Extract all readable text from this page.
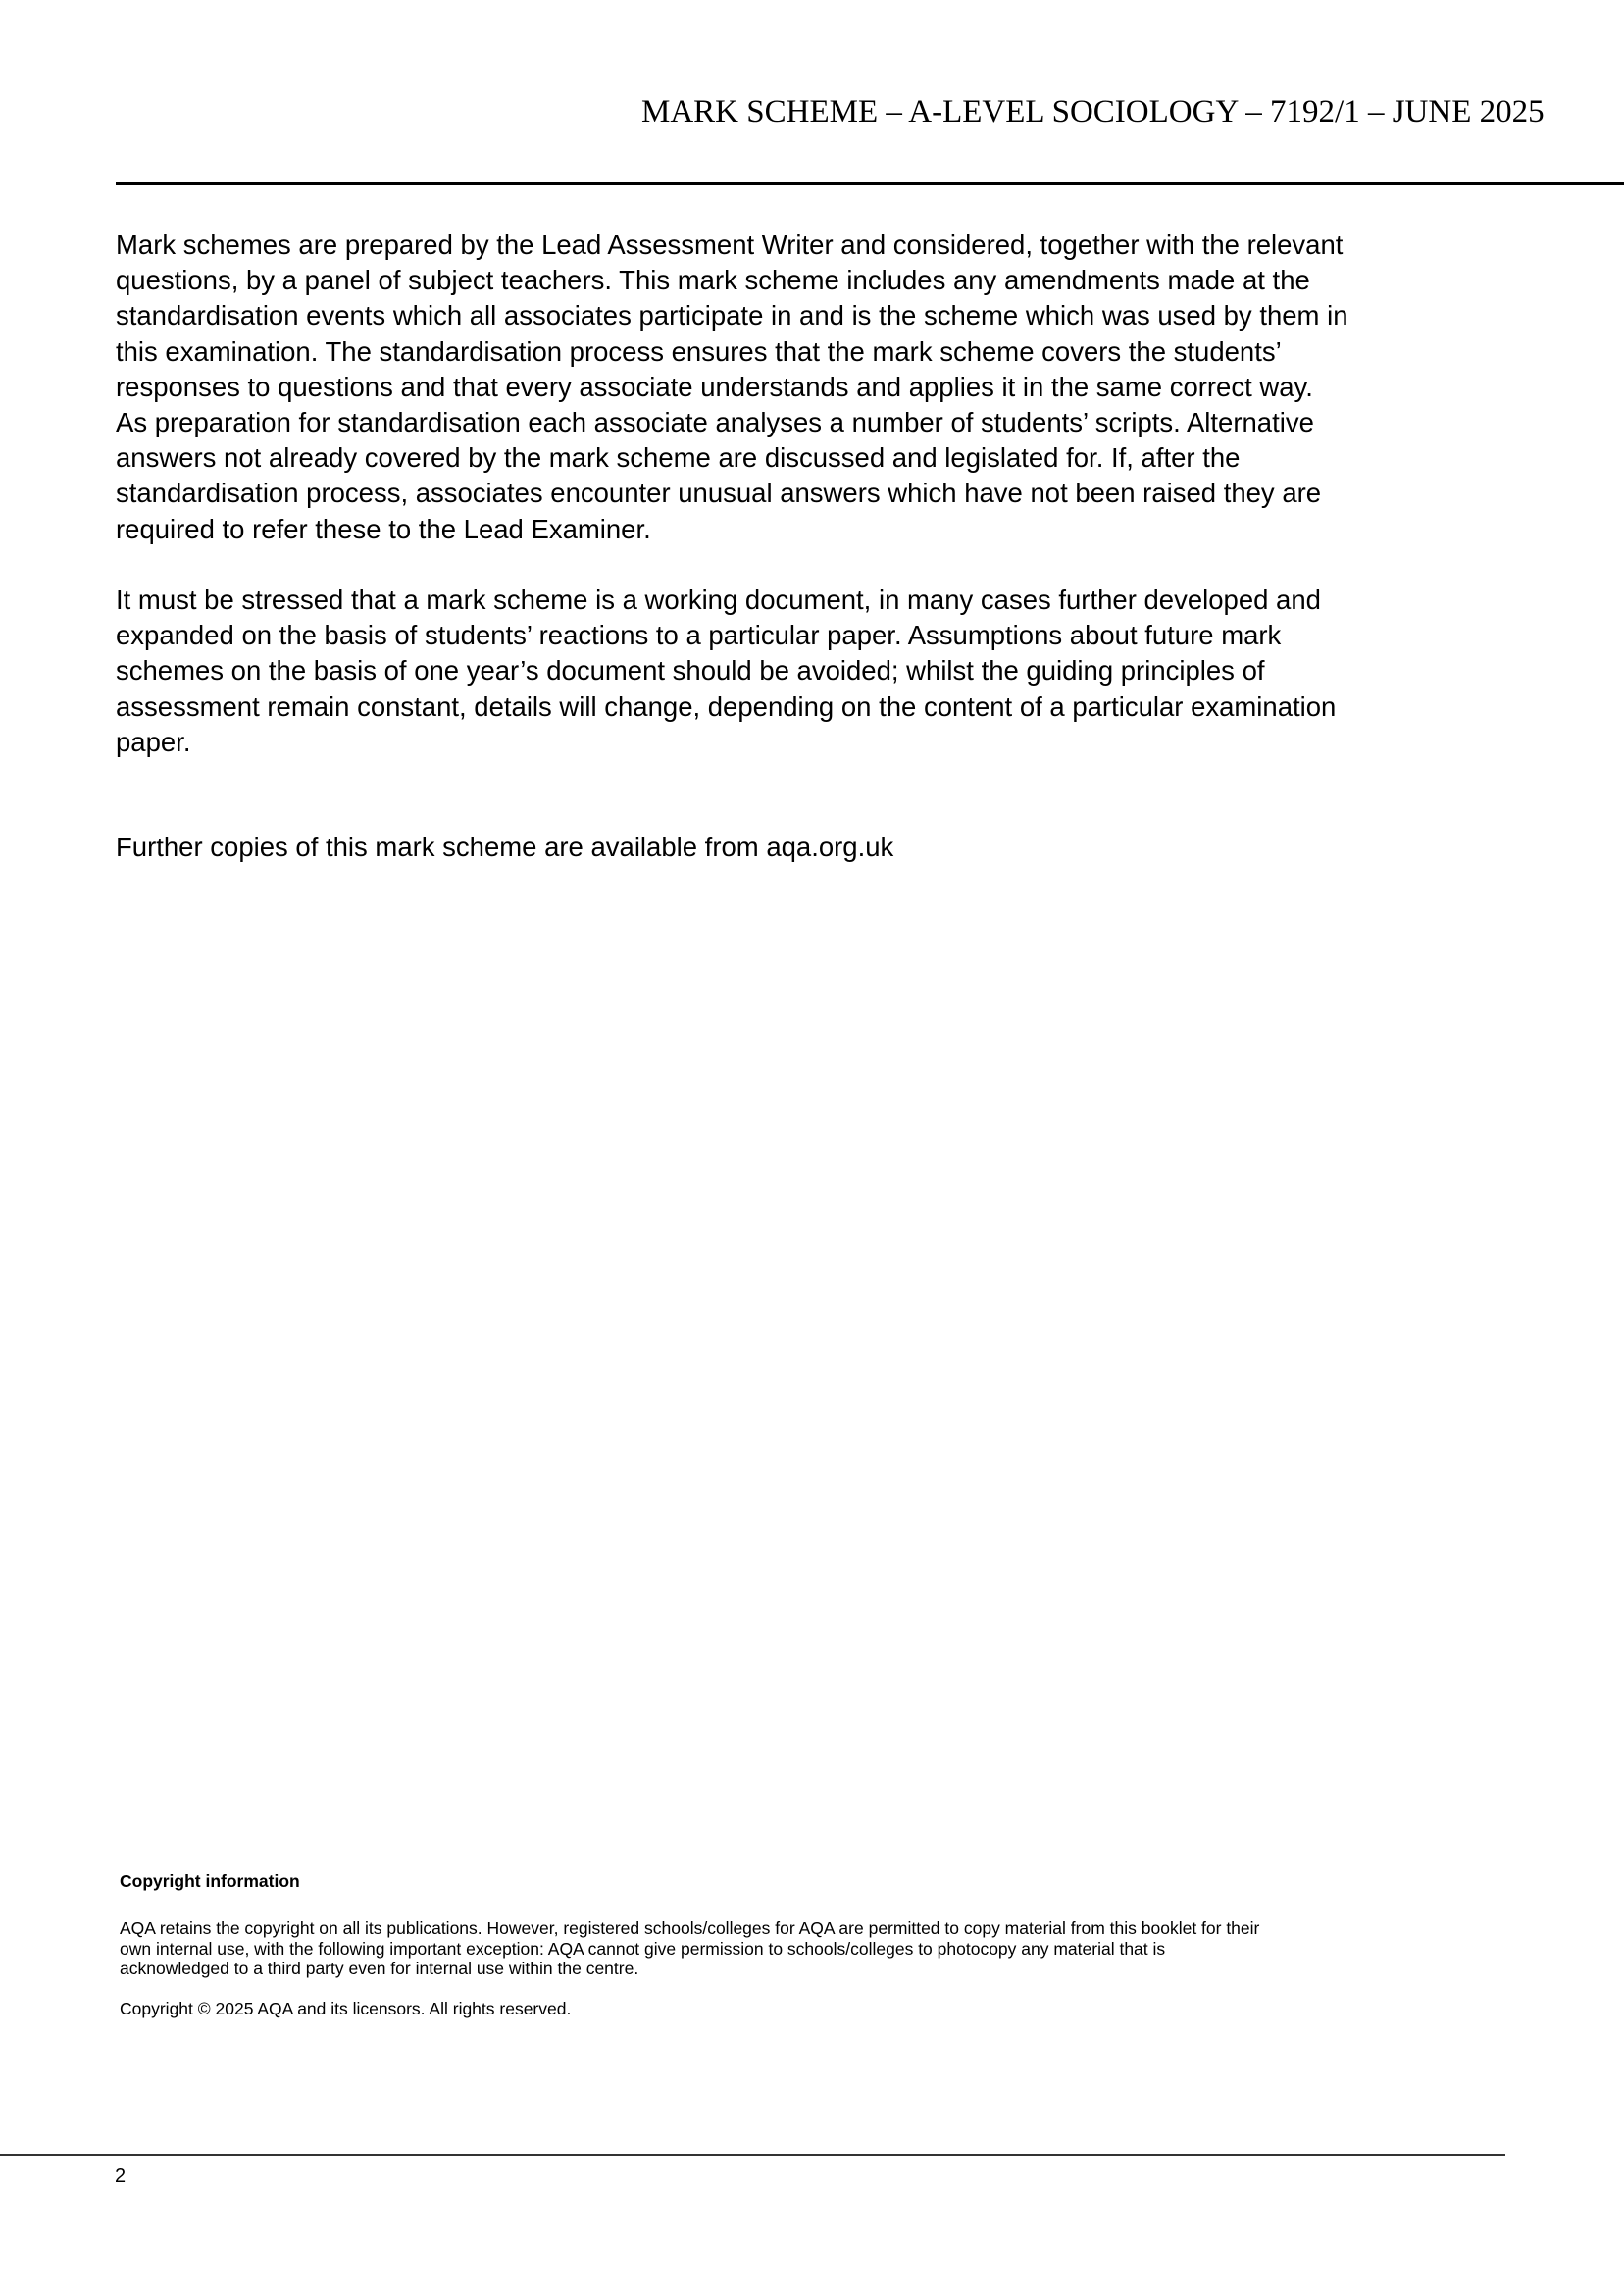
MARK SCHEME – A-LEVEL SOCIOLOGY – 7192/1 – JUNE 2025
Mark schemes are prepared by the Lead Assessment Writer and considered, together with the relevant
questions, by a panel of subject teachers. This mark scheme includes any amendments made at the
standardisation events which all associates participate in and is the scheme which was used by them in
this examination. The standardisation process ensures that the mark scheme covers the students’
responses to questions and that every associate understands and applies it in the same correct way.
As preparation for standardisation each associate analyses a number of students’ scripts. Alternative
answers not already covered by the mark scheme are discussed and legislated for. If, after the
standardisation process, associates encounter unusual answers which have not been raised they are
required to refer these to the Lead Examiner.
It must be stressed that a mark scheme is a working document, in many cases further developed and
expanded on the basis of students’ reactions to a particular paper. Assumptions about future mark
schemes on the basis of one year’s document should be avoided; whilst the guiding principles of
assessment remain constant, details will change, depending on the content of a particular examination
paper.
Further copies of this mark scheme are available from aqa.org.uk
Copyright information
AQA retains the copyright on all its publications. However, registered schools/colleges for AQA are permitted to copy material from this booklet for their
own internal use, with the following important exception: AQA cannot give permission to schools/colleges to photocopy any material that is
acknowledged to a third party even for internal use within the centre.
Copyright © 2025 AQA and its licensors. All rights reserved.
2
